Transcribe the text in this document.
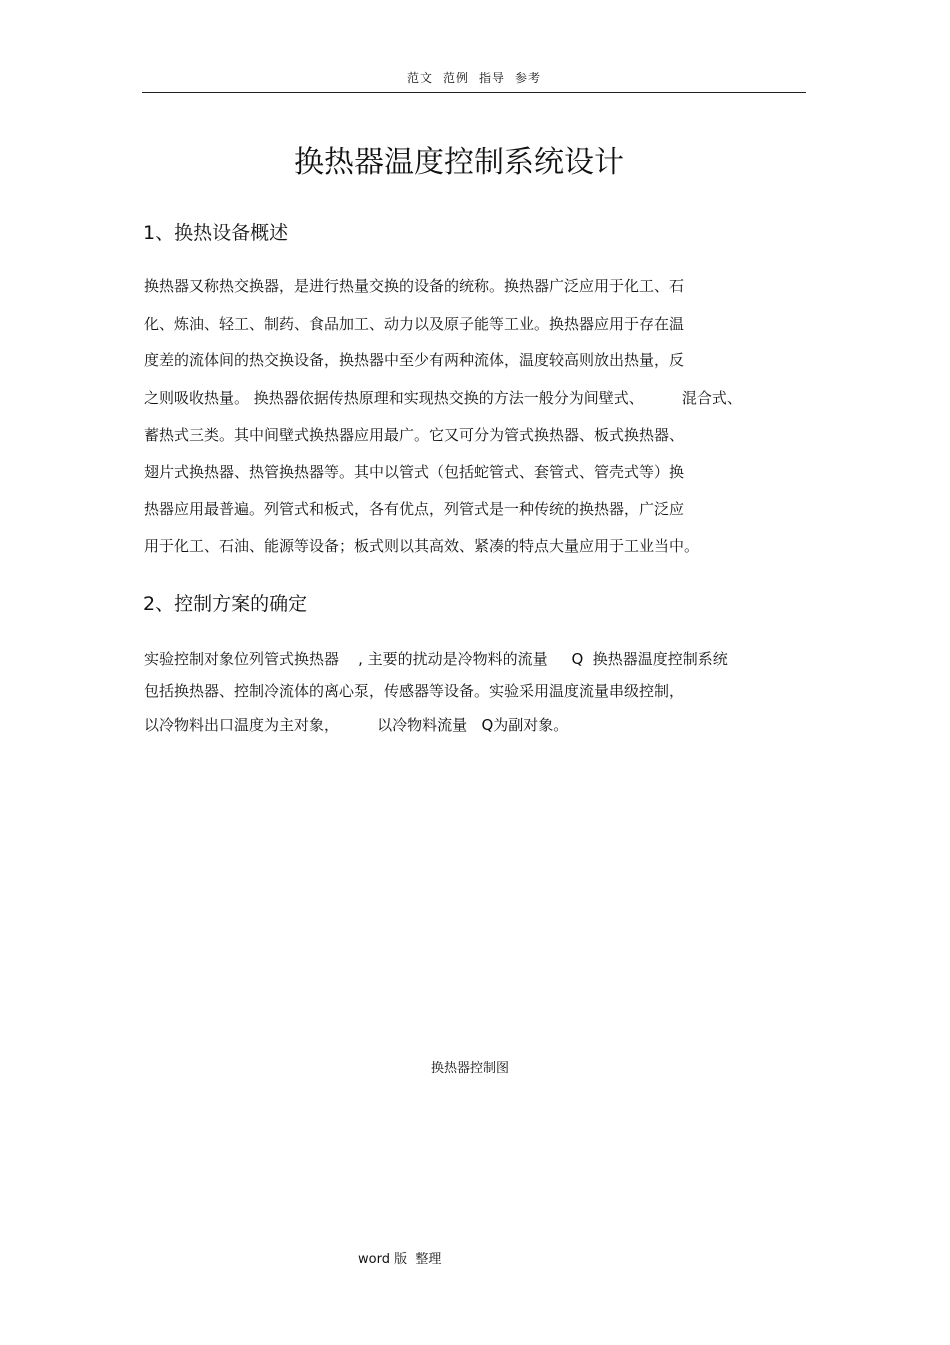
范文 范例 指导 参考
换热器温度控制系统设计
1、换热设备概述
换热器又称热交换器，是进行热量交换的设备的统称。换热器广泛应用于化工、石
化、炼油、轻工、制药、食品加工、动力以及原子能等工业。换热器应用于存在温
度差的流体间的热交换设备，换热器中至少有两种流体，温度较高则放出热量，反
之则吸收热量。 换热器依据传热原理和实现热交换的方法一般分为间壁式、        混合式、
蓄热式三类。其中间壁式换热器应用最广。它又可分为管式换热器、板式换热器、
翅片式换热器、热管换热器等。其中以管式（包括蛇管式、套管式、管壳式等）换
热器应用最普遍。列管式和板式，各有优点，列管式是一种传统的换热器，广泛应
用于化工、石油、能源等设备；板式则以其高效、紧凑的特点大量应用于工业当中。
2、控制方案的确定
实验控制对象位列管式换热器    , 主要的扰动是冷物料的流量     Q  换热器温度控制系统
包括换热器、控制冷流体的离心泵，传感器等设备。实验采用温度流量串级控制，
以冷物料出口温度为主对象，        以冷物料流量   Q为副对象。
换热器控制图
word 版  整理
